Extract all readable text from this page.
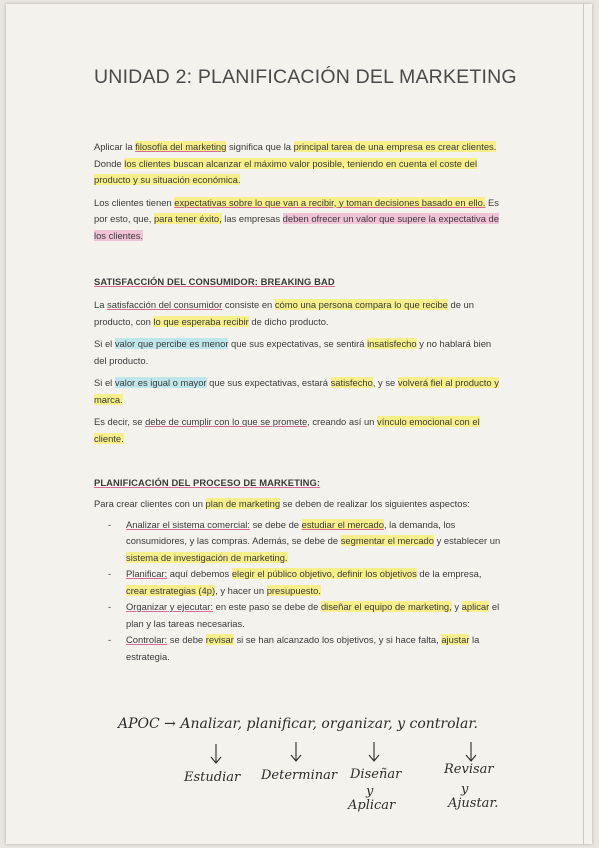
UNIDAD 2: PLANIFICACIÓN DEL MARKETING

Aplicar la filosofía del marketing significa que la principal tarea de una empresa es crear clientes. Donde los clientes buscan alcanzar el máximo valor posible, teniendo en cuenta el coste del producto y su situación económica.

Los clientes tienen expectativas sobre lo que van a recibir, y toman decisiones basado en ello. Es por esto, que, para tener éxito, las empresas deben ofrecer un valor que supere la expectativa de los clientes.

SATISFACCIÓN DEL CONSUMIDOR: BREAKING BAD

La satisfacción del consumidor consiste en cómo una persona compara lo que recibe de un producto, con lo que esperaba recibir de dicho producto.

Si el valor que percibe es menor que sus expectativas, se sentirá insatisfecho y no hablará bien del producto.

Si el valor es igual o mayor que sus expectativas, estará satisfecho, y se volverá fiel al producto y marca.

Es decir, se debe de cumplir con lo que se promete, creando así un vínculo emocional con el cliente.

PLANIFICACIÓN DEL PROCESO DE MARKETING:

Para crear clientes con un plan de marketing se deben de realizar los siguientes aspectos:

- Analizar el sistema comercial: se debe de estudiar el mercado, la demanda, los consumidores, y las compras. Además, se debe de segmentar el mercado y establecer un sistema de investigación de marketing.
- Planificar: aquí debemos elegir el público objetivo, definir los objetivos de la empresa, crear estrategias (4p), y hacer un presupuesto.
- Organizar y ejecutar: en este paso se debe de diseñar el equipo de marketing, y aplicar el plan y las tareas necesarias.
- Controlar: se debe revisar si se han alcanzado los objetivos, y si hace falta, ajustar la estrategia.
APOC → Analizar, planificar, organizar, y controlar.
Estudiar Determinar Diseñar	Revisar
y	y
Aplicar	Ajustar.
